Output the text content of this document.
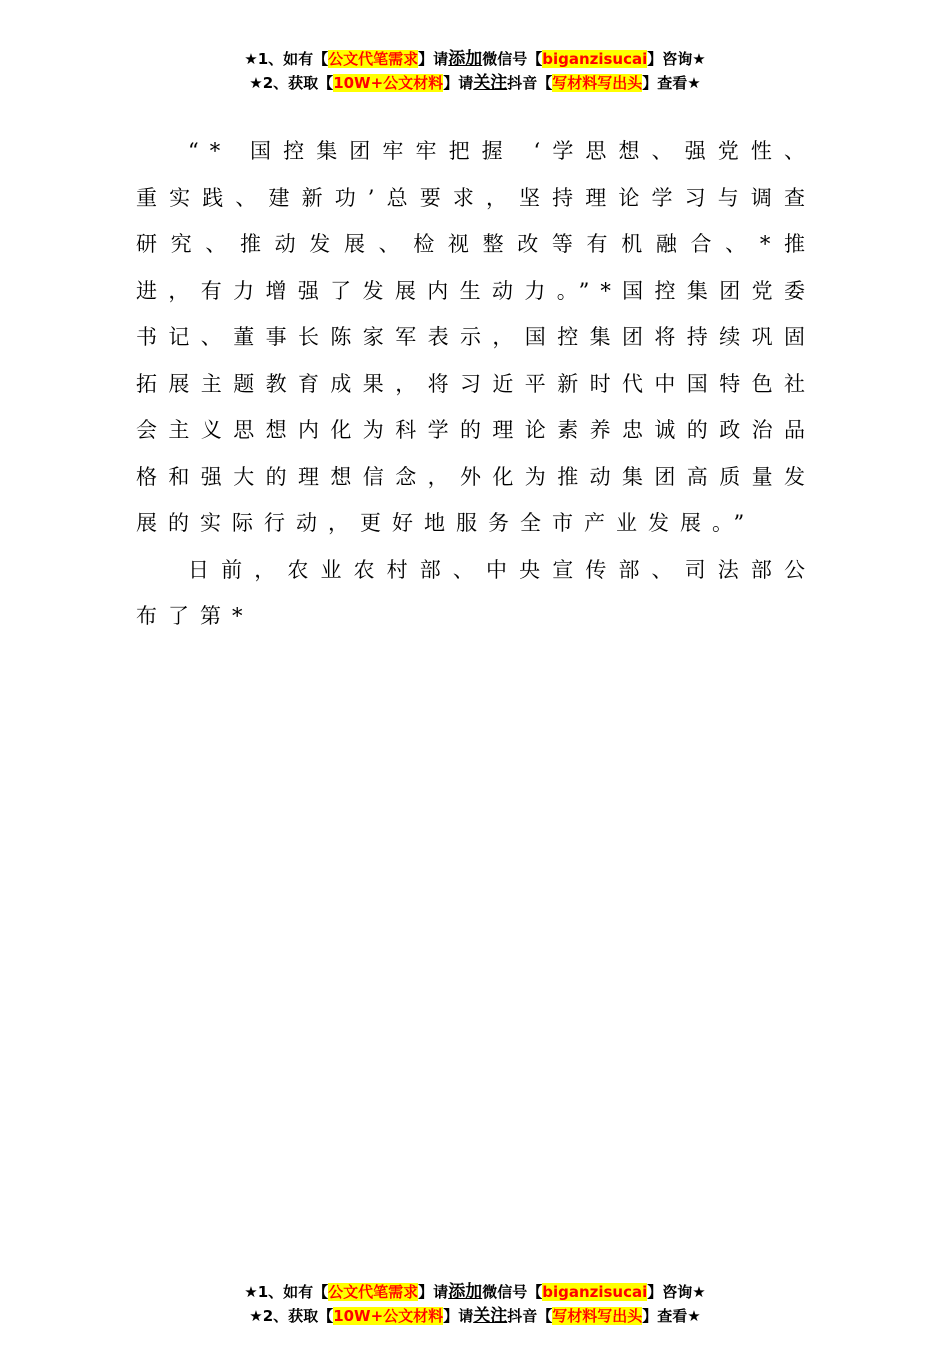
★1、如有【公文代笔需求】请添加微信号【biganzisucai】咨询★
★2、获取【10W+公文材料】请关注抖音【写材料写出头】查看★

“* 国控集团牢牢把握 ‘学思想、强党性、重实践、建新功’总要求，坚持理论学习与调查研究、推动发展、检视整改等有机融合、*推进，有力增强了发展内生动力。”*国控集团党委书记、董事长陈家军表示，国控集团将持续巩固拓展主题教育成果，将习近平新时代中国特色社会主义思想内化为科学的理论素养忠诚的政治品格和强大的理想信念，外化为推动集团高质量发展的实际行动，更好地服务全市产业发展。”

日前，农业农村部、中央宣传部、司法部公布了第*

★1、如有【公文代笔需求】请添加微信号【biganzisucai】咨询★
★2、获取【10W+公文材料】请关注抖音【写材料写出头】查看★
